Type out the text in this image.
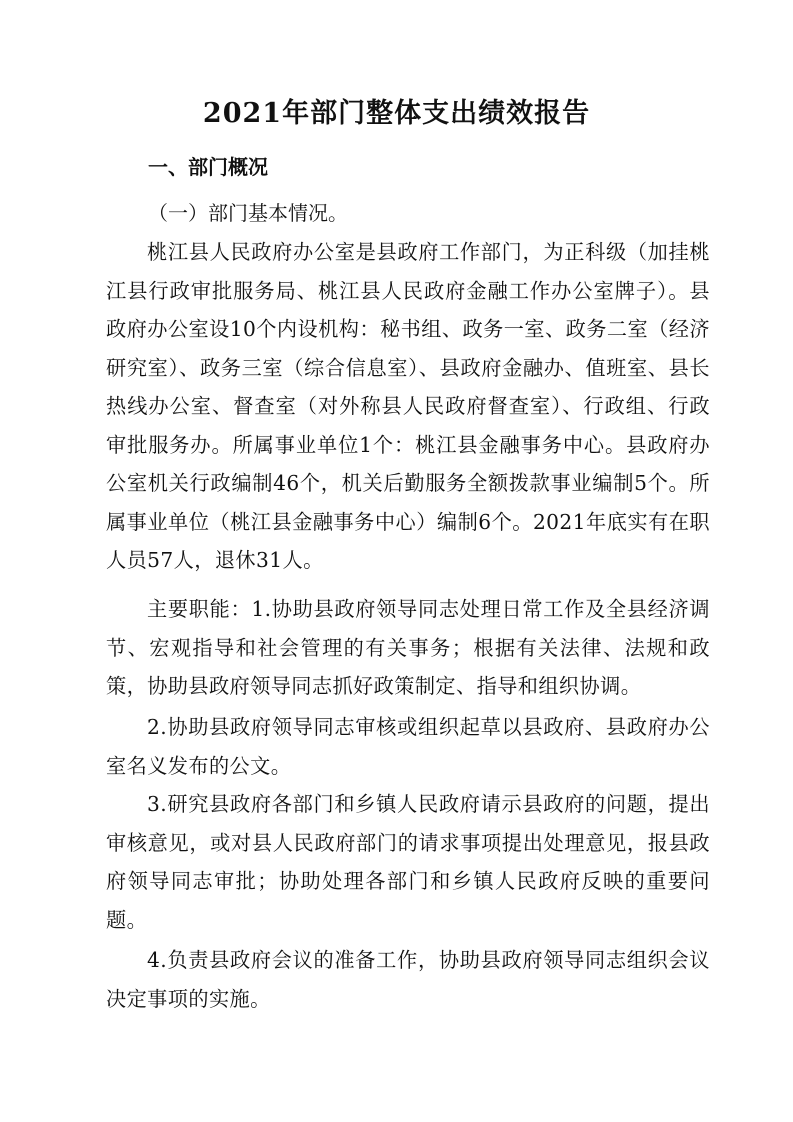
2021年部门整体支出绩效报告
一、部门概况

（一）部门基本情况。

桃江县人民政府办公室是县政府工作部门，为正科级（加挂桃江县行政审批服务局、桃江县人民政府金融工作办公室牌子）。县政府办公室设10个内设机构：秘书组、政务一室、政务二室（经济研究室）、政务三室（综合信息室）、县政府金融办、值班室、县长热线办公室、督查室（对外称县人民政府督查室）、行政组、行政审批服务办。所属事业单位1个：桃江县金融事务中心。县政府办公室机关行政编制46个，机关后勤服务全额拨款事业编制5个。所属事业单位（桃江县金融事务中心）编制6个。2021年底实有在职人员57人，退休31人。

主要职能：1.协助县政府领导同志处理日常工作及全县经济调节、宏观指导和社会管理的有关事务；根据有关法律、法规和政策，协助县政府领导同志抓好政策制定、指导和组织协调。

2.协助县政府领导同志审核或组织起草以县政府、县政府办公室名义发布的公文。

3.研究县政府各部门和乡镇人民政府请示县政府的问题，提出审核意见，或对县人民政府部门的请求事项提出处理意见，报县政府领导同志审批；协助处理各部门和乡镇人民政府反映的重要问题。

4.负责县政府会议的准备工作，协助县政府领导同志组织会议决定事项的实施。
